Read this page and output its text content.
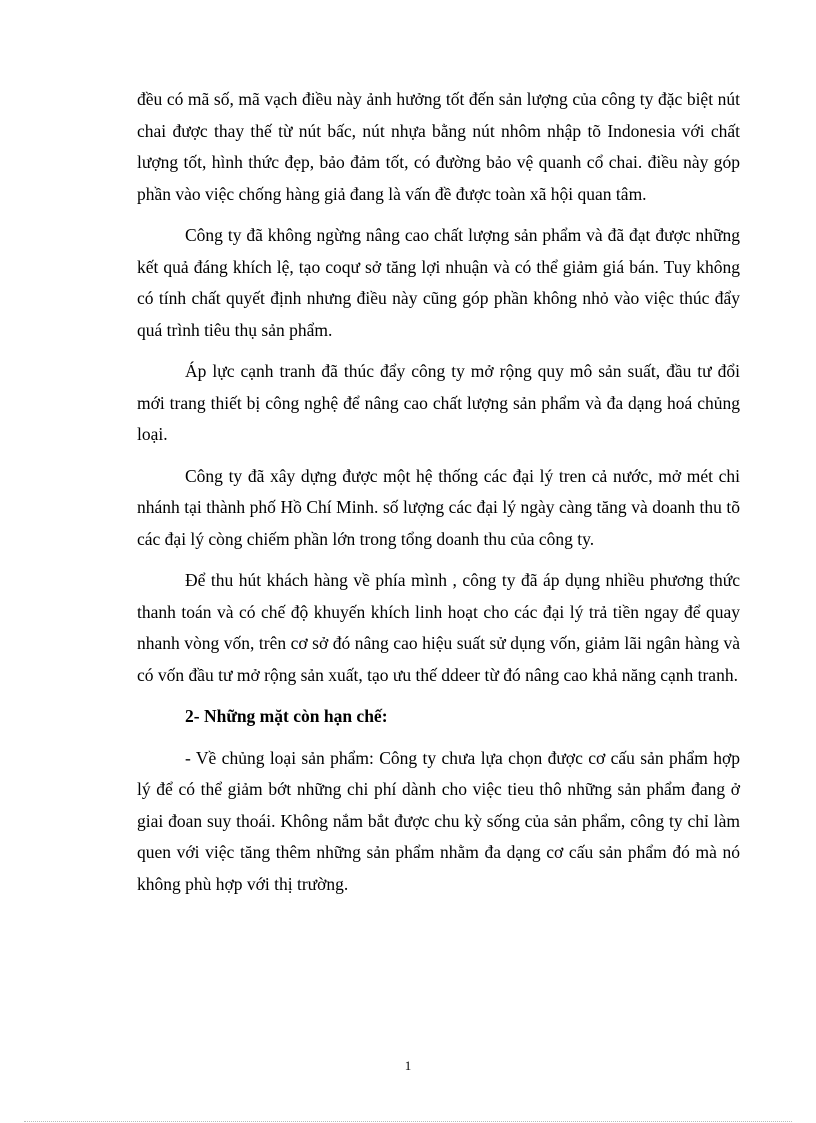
đều có mã số, mã vạch điều này ảnh hưởng tốt đến sản lượng của công ty đặc biệt nút chai được thay thế từ nút bấc, nút nhựa bằng nút nhôm nhập tõ Indonesia với chất lượng tốt, hình thức đẹp, bảo đảm tốt, có đường bảo vệ quanh cổ chai. điều này góp phần vào việc chống hàng giả đang là vấn đề được toàn xã hội quan tâm.

Công ty đã không ngừng nâng cao chất lượng sản phẩm và đã đạt được những kết quả đáng khích lệ, tạo coqư sở tăng lợi nhuận và có thể giảm giá bán. Tuy không có tính chất quyết định nhưng điều này cũng góp phần không nhỏ vào việc thúc đẩy quá trình tiêu thụ sản phẩm.

Áp lực cạnh tranh đã thúc đẩy công ty mở rộng quy mô sản suất, đầu tư đổi mới trang thiết bị công nghệ để nâng cao chất lượng sản phẩm và đa dạng hoá chủng loại.

Công ty đã xây dựng được một hệ thống các đại lý tren cả nước, mở mét chi nhánh tại thành phố Hồ Chí Minh. số lượng các đại lý ngày càng tăng và doanh thu tõ các đại lý còng chiếm phần lớn trong tổng doanh thu của công ty.

Để thu hút khách hàng về phía mình , công ty đã áp dụng nhiều phương thức thanh toán và có chế độ khuyến khích linh hoạt cho các đại lý trả tiền ngay để quay nhanh vòng vốn, trên cơ sở đó nâng cao hiệu suất sử dụng vốn, giảm lãi ngân hàng và có vốn đầu tư mở rộng sản xuất, tạo ưu thế ddeer từ đó nâng cao khả năng cạnh tranh.

2- Những mặt còn hạn chế:

- Về chủng loại sản phẩm: Công ty chưa lựa chọn được cơ cấu sản phẩm hợp lý để có thể giảm bớt những chi phí dành cho việc tieu thô những sản phẩm đang ở giai đoan suy thoái. Không nắm bắt được chu kỳ sống của sản phẩm, công ty chỉ làm quen với việc tăng thêm những sản phẩm nhằm đa dạng cơ cấu sản phẩm đó mà nó không phù hợp với thị trường.

1
